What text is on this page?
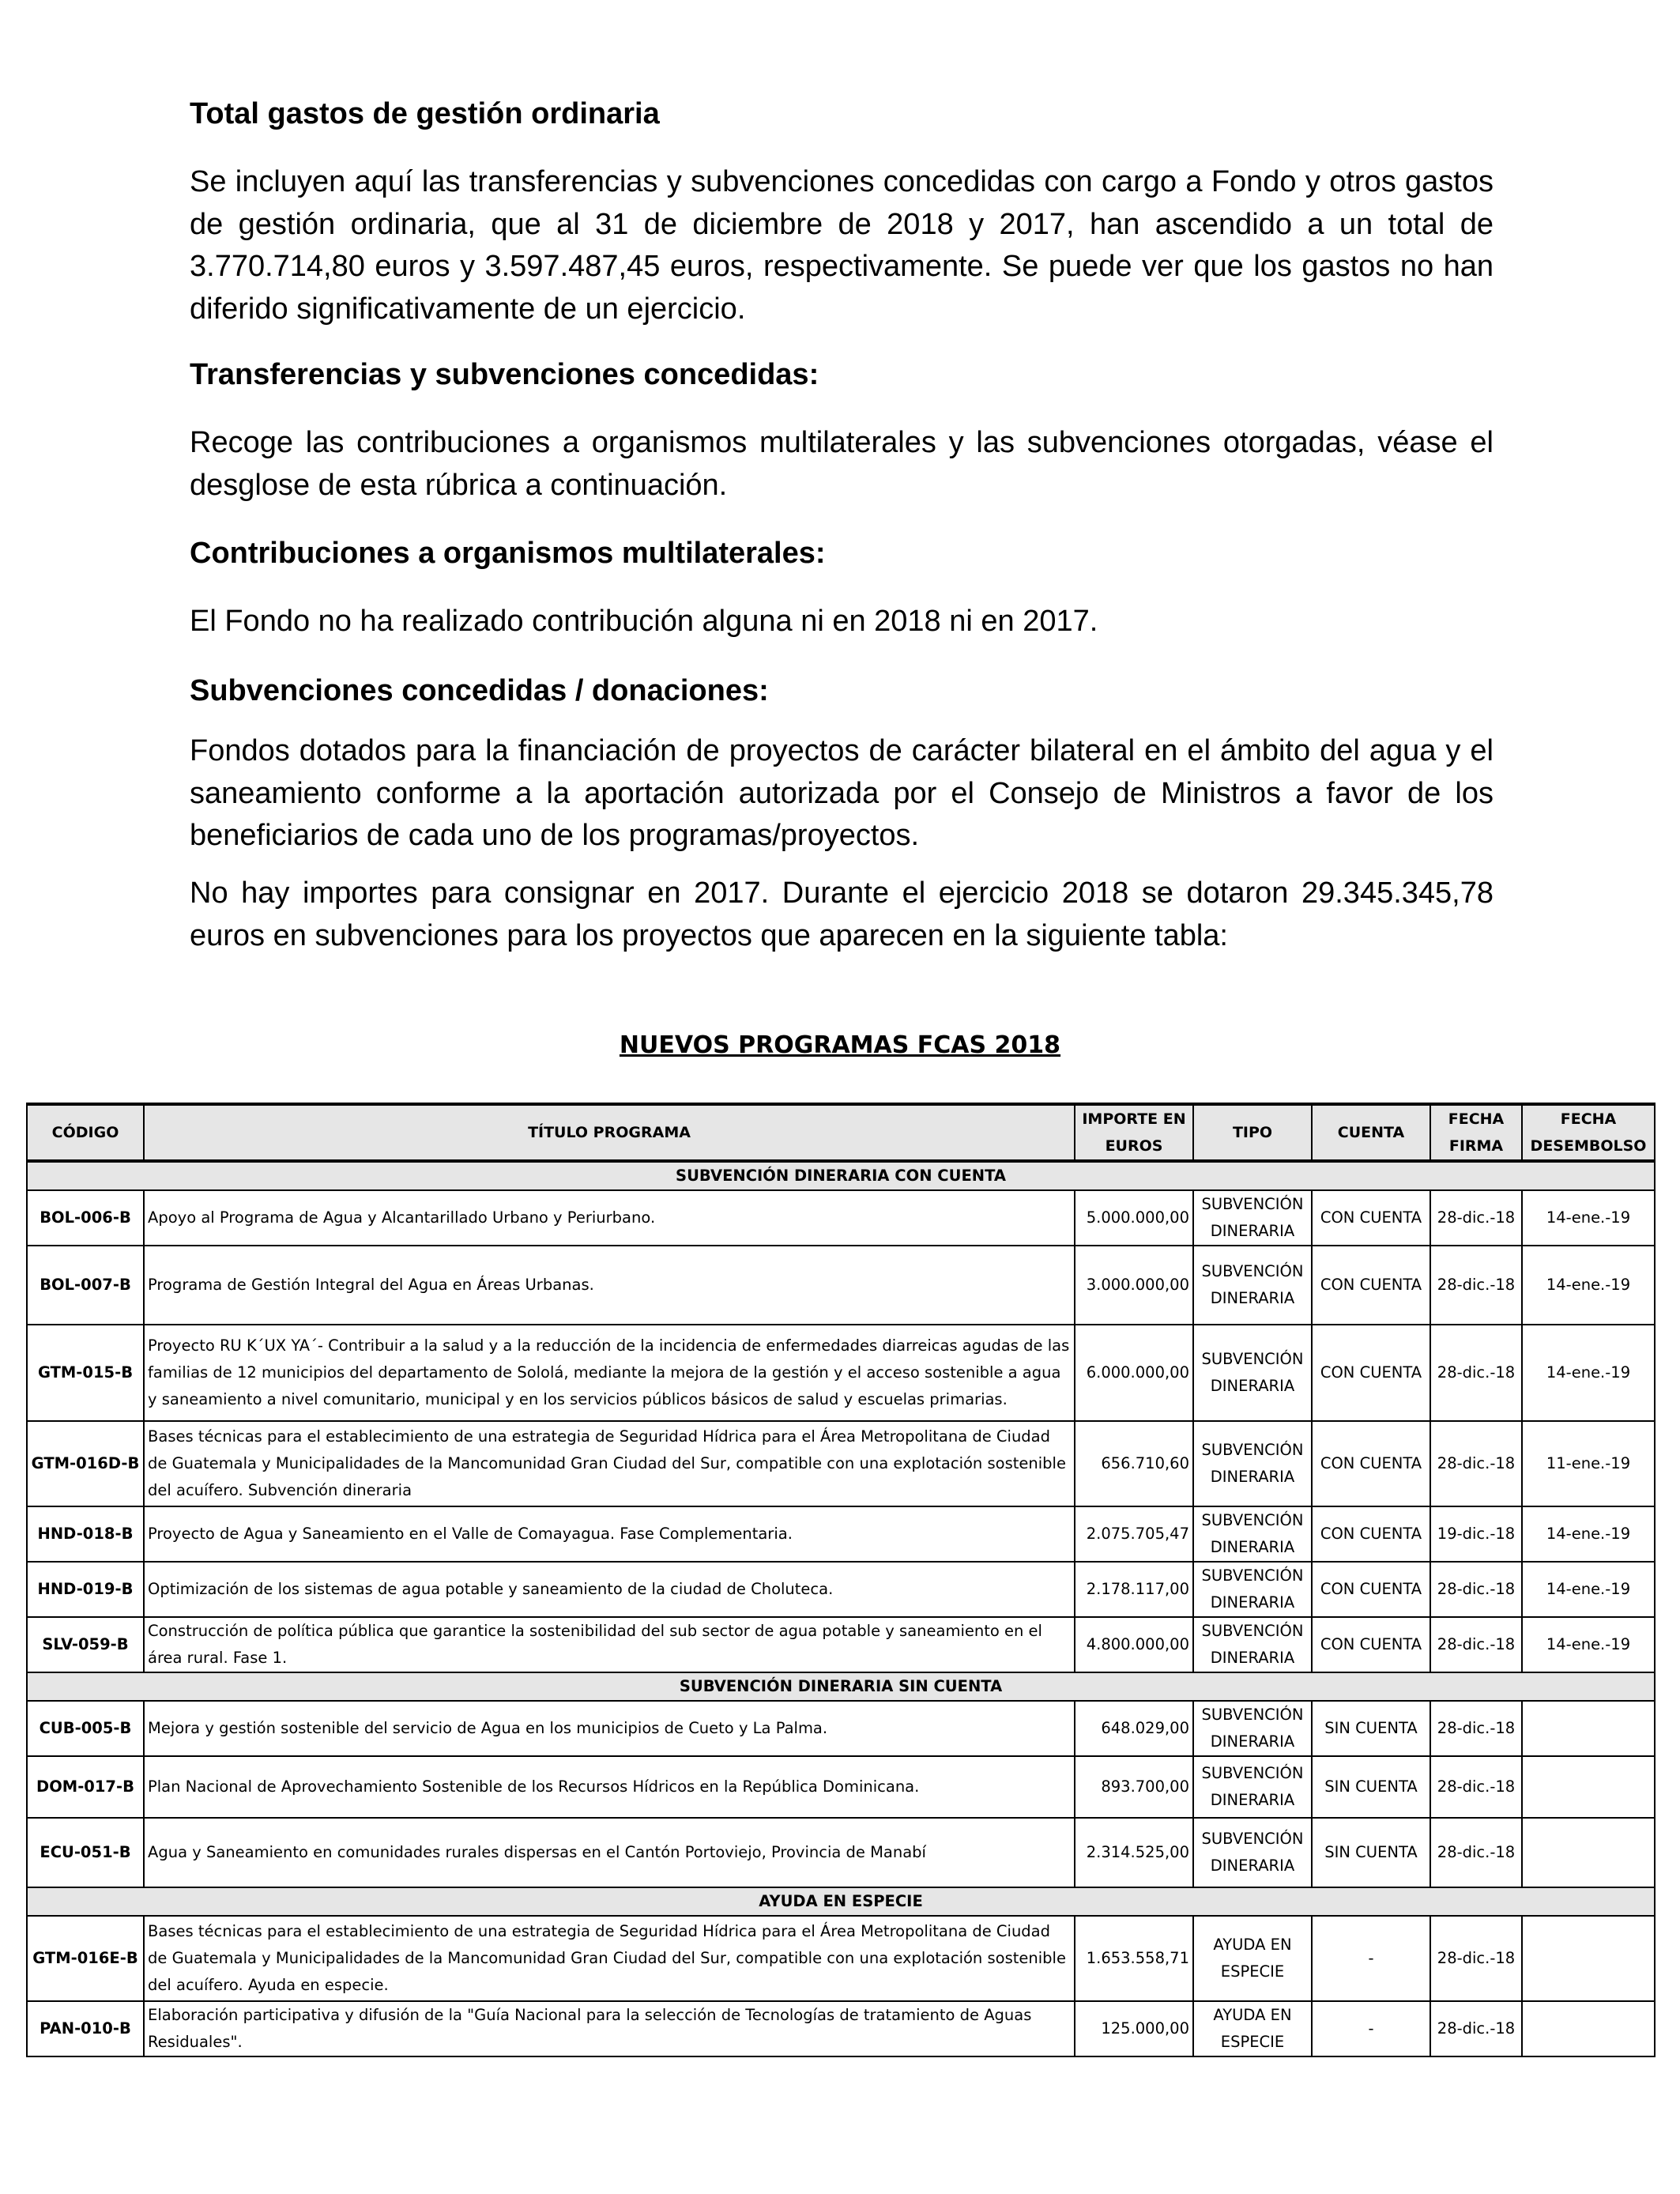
Total gastos de gestión ordinaria

Se incluyen aquí las transferencias y subvenciones concedidas con cargo a Fondo y otros gastos de gestión ordinaria, que al 31 de diciembre de 2018 y 2017, han ascendido a un total de 3.770.714,80 euros y 3.597.487,45 euros, respectivamente. Se puede ver que los gastos no han diferido significativamente de un ejercicio.

Transferencias y subvenciones concedidas:

Recoge las contribuciones a organismos multilaterales y las subvenciones otorgadas, véase el desglose de esta rúbrica a continuación.

Contribuciones a organismos multilaterales:

El Fondo no ha realizado contribución alguna ni en 2018 ni en 2017.

Subvenciones concedidas / donaciones:

Fondos dotados para la financiación de proyectos de carácter bilateral en el ámbito del agua y el saneamiento conforme a la aportación autorizada por el Consejo de Ministros a favor de los beneficiarios de cada uno de los programas/proyectos.

No hay importes para consignar en 2017. Durante el ejercicio 2018 se dotaron 29.345.345,78 euros en subvenciones para los proyectos que aparecen en la siguiente tabla:

NUEVOS PROGRAMAS FCAS 2018
CÓDIGO	TÍTULO PROGRAMA	IMPORTE EN EUROS	TIPO	CUENTA	FECHA FIRMA	FECHA DESEMBOLSO
SUBVENCIÓN DINERARIA CON CUENTA						
BOL-006-B	Apoyo al Programa de Agua y Alcantarillado Urbano y Periurbano.	5.000.000,00	SUBVENCIÓN DINERARIA	CON CUENTA	28-dic.-18	14-ene.-19
BOL-007-B	Programa de Gestión Integral del Agua en Áreas Urbanas.	3.000.000,00	SUBVENCIÓN DINERARIA	CON CUENTA	28-dic.-18	14-ene.-19
GTM-015-B	Proyecto RU K´UX YA´- Contribuir a la salud y a la reducción de la incidencia de enfermedades diarreicas agudas de las familias de 12 municipios del departamento de Sololá, mediante la mejora de la gestión y el acceso sostenible a agua y saneamiento a nivel comunitario, municipal y en los servicios públicos básicos de salud y escuelas primarias.	6.000.000,00	SUBVENCIÓN DINERARIA	CON CUENTA	28-dic.-18	14-ene.-19
GTM-016D-B	Bases técnicas para el establecimiento de una estrategia de Seguridad Hídrica para el Área Metropolitana de Ciudad de Guatemala y Municipalidades de la Mancomunidad Gran Ciudad del Sur, compatible con una explotación sostenible del acuífero. Subvención dineraria	656.710,60	SUBVENCIÓN DINERARIA	CON CUENTA	28-dic.-18	11-ene.-19
HND-018-B	Proyecto de Agua y Saneamiento en el Valle de Comayagua. Fase Complementaria.	2.075.705,47	SUBVENCIÓN DINERARIA	CON CUENTA	19-dic.-18	14-ene.-19
HND-019-B	Optimización de los sistemas de agua potable y saneamiento de la ciudad de Choluteca.	2.178.117,00	SUBVENCIÓN DINERARIA	CON CUENTA	28-dic.-18	14-ene.-19
SLV-059-B	Construcción de política pública que garantice la sostenibilidad del sub sector de agua potable y saneamiento en el área rural. Fase 1.	4.800.000,00	SUBVENCIÓN DINERARIA	CON CUENTA	28-dic.-18	14-ene.-19
SUBVENCIÓN DINERARIA SIN CUENTA						
CUB-005-B	Mejora y gestión sostenible del servicio de Agua en los municipios de Cueto y La Palma.	648.029,00	SUBVENCIÓN DINERARIA	SIN CUENTA	28-dic.-18	
DOM-017-B	Plan Nacional de Aprovechamiento Sostenible de los Recursos Hídricos en la República Dominicana.	893.700,00	SUBVENCIÓN DINERARIA	SIN CUENTA	28-dic.-18	
ECU-051-B	Agua y Saneamiento en comunidades rurales dispersas en el Cantón Portoviejo, Provincia de Manabí	2.314.525,00	SUBVENCIÓN DINERARIA	SIN CUENTA	28-dic.-18	
AYUDA EN ESPECIE						
GTM-016E-B	Bases técnicas para el establecimiento de una estrategia de Seguridad Hídrica para el Área Metropolitana de Ciudad de Guatemala y Municipalidades de la Mancomunidad Gran Ciudad del Sur, compatible con una explotación sostenible del acuífero. Ayuda en especie.	1.653.558,71	AYUDA EN ESPECIE	-	28-dic.-18	
PAN-010-B	Elaboración participativa y difusión de la "Guía Nacional para la selección de Tecnologías de tratamiento de Aguas Residuales".	125.000,00	AYUDA EN ESPECIE	-	28-dic.-18	
